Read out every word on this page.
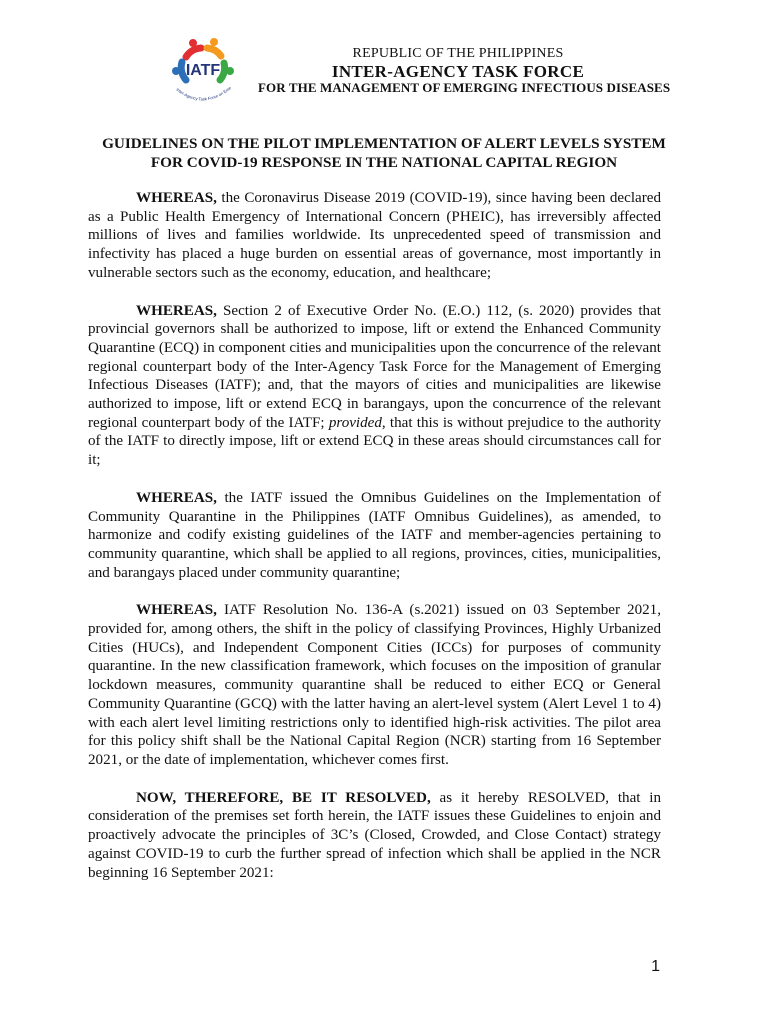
IATF
Inter-Agency Task Force on Eme
REPUBLIC OF THE PHILIPPINES
INTER-AGENCY TASK FORCE
FOR THE MANAGEMENT OF EMERGING INFECTIOUS DISEASES
GUIDELINES ON THE PILOT IMPLEMENTATION OF ALERT LEVELS SYSTEM
FOR COVID-19 RESPONSE IN THE NATIONAL CAPITAL REGION

WHEREAS, the Coronavirus Disease 2019 (COVID-19), since having been declared as a Public Health Emergency of International Concern (PHEIC), has irreversibly affected millions of lives and families worldwide. Its unprecedented speed of transmission and infectivity has placed a huge burden on essential areas of governance, most importantly in vulnerable sectors such as the economy, education, and healthcare;

WHEREAS, Section 2 of Executive Order No. (E.O.) 112, (s. 2020) provides that provincial governors shall be authorized to impose, lift or extend the Enhanced Community Quarantine (ECQ) in component cities and municipalities upon the concurrence of the relevant regional counterpart body of the Inter-Agency Task Force for the Management of Emerging Infectious Diseases (IATF); and, that the mayors of cities and municipalities are likewise authorized to impose, lift or extend ECQ in barangays, upon the concurrence of the relevant regional counterpart body of the IATF; provided, that this is without prejudice to the authority of the IATF to directly impose, lift or extend ECQ in these areas should circumstances call for it;

WHEREAS, the IATF issued the Omnibus Guidelines on the Implementation of Community Quarantine in the Philippines (IATF Omnibus Guidelines), as amended, to harmonize and codify existing guidelines of the IATF and member-agencies pertaining to community quarantine, which shall be applied to all regions, provinces, cities, municipalities, and barangays placed under community quarantine;

WHEREAS, IATF Resolution No. 136-A (s.2021) issued on 03 September 2021, provided for, among others, the shift in the policy of classifying Provinces, Highly Urbanized Cities (HUCs), and Independent Component Cities (ICCs) for purposes of community quarantine. In the new classification framework, which focuses on the imposition of granular lockdown measures, community quarantine shall be reduced to either ECQ or General Community Quarantine (GCQ) with the latter having an alert-level system (Alert Level 1 to 4) with each alert level limiting restrictions only to identified high-risk activities. The pilot area for this policy shift shall be the National Capital Region (NCR) starting from 16 September 2021, or the date of implementation, whichever comes first.

NOW, THEREFORE, BE IT RESOLVED, as it hereby RESOLVED, that in consideration of the premises set forth herein, the IATF issues these Guidelines to enjoin and proactively advocate the principles of 3C’s (Closed, Crowded, and Close Contact) strategy against COVID-19 to curb the further spread of infection which shall be applied in the NCR beginning 16 September 2021:

1
